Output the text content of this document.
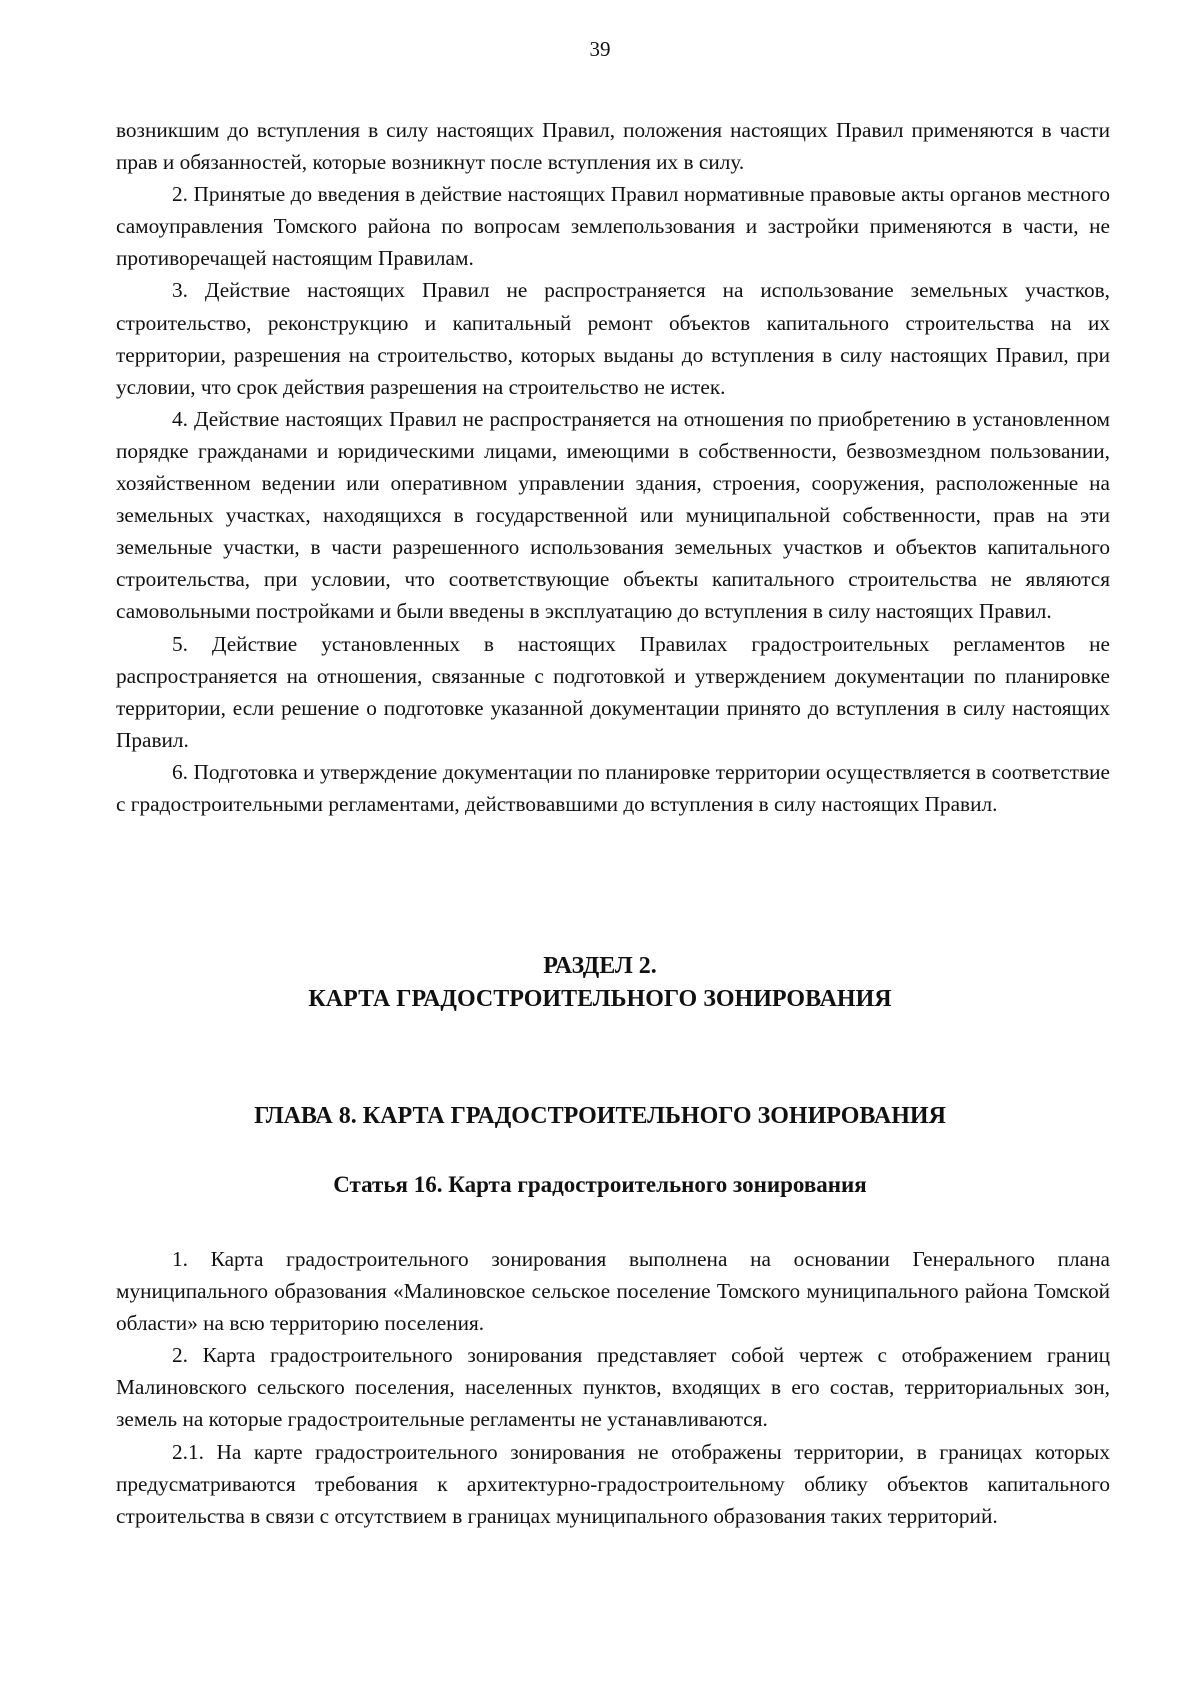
39

возникшим до вступления в силу настоящих Правил, положения настоящих Правил применяются в части прав и обязанностей, которые возникнут после вступления их в силу.

2. Принятые до введения в действие настоящих Правил нормативные правовые акты органов местного самоуправления Томского района по вопросам землепользования и застройки применяются в части, не противоречащей настоящим Правилам.

3. Действие настоящих Правил не распространяется на использование земельных участков, строительство, реконструкцию и капитальный ремонт объектов капитального строительства на их территории, разрешения на строительство, которых выданы до вступления в силу настоящих Правил, при условии, что срок действия разрешения на строительство не истек.

4. Действие настоящих Правил не распространяется на отношения по приобретению в установленном порядке гражданами и юридическими лицами, имеющими в собственности, безвозмездном пользовании, хозяйственном ведении или оперативном управлении здания, строения, сооружения, расположенные на земельных участках, находящихся в государственной или муниципальной собственности, прав на эти земельные участки, в части разрешенного использования земельных участков и объектов капитального строительства, при условии, что соответствующие объекты капитального строительства не являются самовольными постройками и были введены в эксплуатацию до вступления в силу настоящих Правил.

5. Действие установленных в настоящих Правилах градостроительных регламентов не распространяется на отношения, связанные с подготовкой и утверждением документации по планировке территории, если решение о подготовке указанной документации принято до вступления в силу настоящих Правил.

6. Подготовка и утверждение документации по планировке территории осуществляется в соответствие с градостроительными регламентами, действовавшими до вступления в силу настоящих Правил.

РАЗДЕЛ 2.
КАРТА ГРАДОСТРОИТЕЛЬНОГО ЗОНИРОВАНИЯ
ГЛАВА 8. КАРТА ГРАДОСТРОИТЕЛЬНОГО ЗОНИРОВАНИЯ
Статья 16. Карта градостроительного зонирования

1. Карта градостроительного зонирования выполнена на основании Генерального плана муниципального образования «Малиновское сельское поселение Томского муниципального района Томской области» на всю территорию поселения.

2. Карта градостроительного зонирования представляет собой чертеж с отображением границ Малиновского сельского поселения, населенных пунктов, входящих в его состав, территориальных зон, земель на которые градостроительные регламенты не устанавливаются.

2.1. На карте градостроительного зонирования не отображены территории, в границах которых предусматриваются требования к архитектурно-градостроительному облику объектов капитального строительства в связи с отсутствием в границах муниципального образования таких территорий.
